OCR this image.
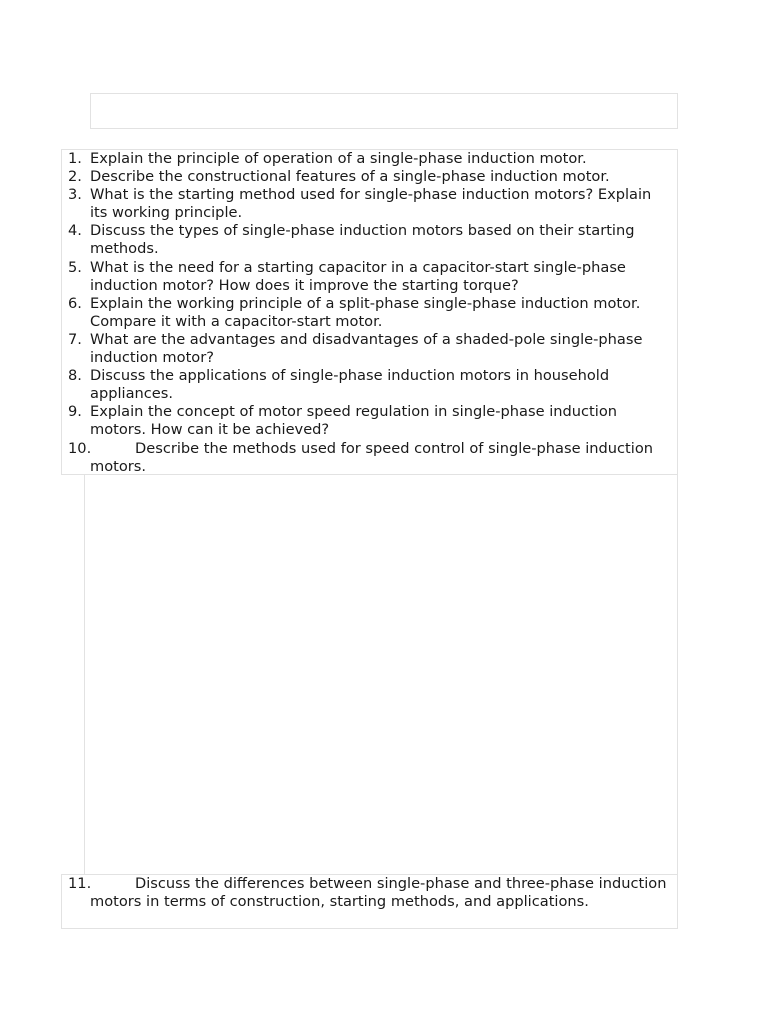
1. Explain the principle of operation of a single-phase induction motor.
2. Describe the constructional features of a single-phase induction motor.
3. What is the starting method used for single-phase induction motors? Explain its working principle.
4. Discuss the types of single-phase induction motors based on their starting methods.
5. What is the need for a starting capacitor in a capacitor-start single-phase induction motor? How does it improve the starting torque?
6. Explain the working principle of a split-phase single-phase induction motor. Compare it with a capacitor-start motor.
7. What are the advantages and disadvantages of a shaded-pole single-phase induction motor?
8. Discuss the applications of single-phase induction motors in household appliances.
9. Explain the concept of motor speed regulation in single-phase induction motors. How can it be achieved?
10.	Describe the methods used for speed control of single-phase induction motors.
11.	Discuss the differences between single-phase and three-phase induction motors in terms of construction, starting methods, and applications.
